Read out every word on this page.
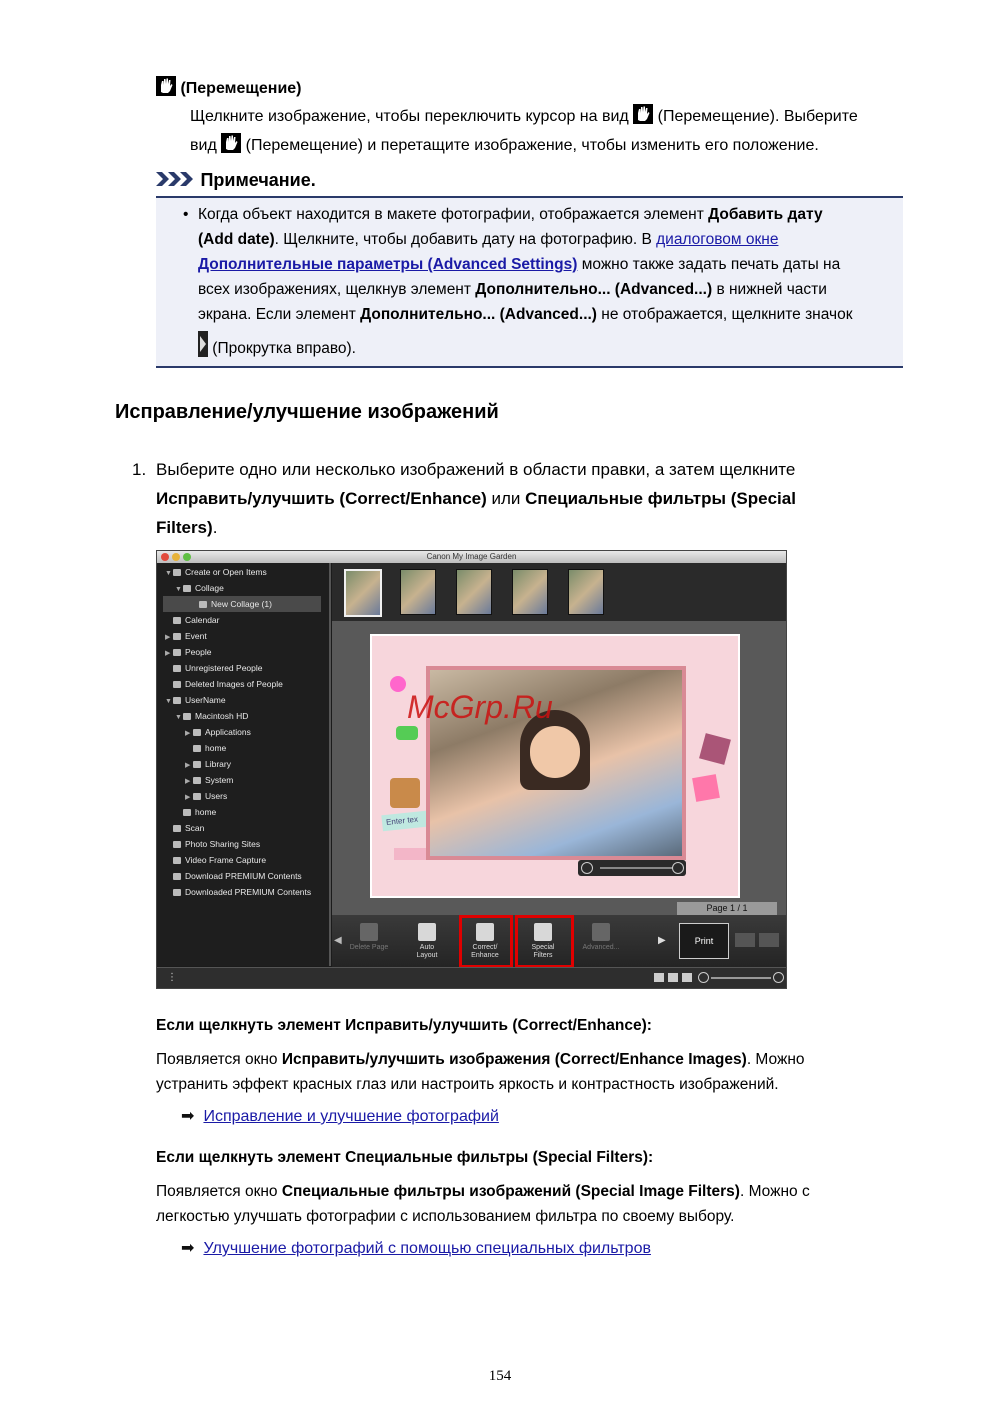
(Перемещение)
Щелкните изображение, чтобы переключить курсор на вид  (Перемещение). Выберите
вид  (Перемещение) и перетащите изображение, чтобы изменить его положение.
Примечание.
• Когда объект находится в макете фотографии, отображается элемент Добавить дату
(Add date). Щелкните, чтобы добавить дату на фотографию. В диалоговом окне
Дополнительные параметры (Advanced Settings) можно также задать печать даты на
всех изображениях, щелкнув элемент Дополнительно... (Advanced...) в нижней части
экрана. Если элемент Дополнительно... (Advanced...) не отображается, щелкните значок
(Прокрутка вправо).
Исправление/улучшение изображений
1. Выберите одно или несколько изображений в области правки, а затем щелкните
Исправить/улучшить (Correct/Enhance) или Специальные фильтры (Special
Filters).
Canon My Image Garden
▼ Create or Open Items
▼ Collage
New Collage (1)
Calendar
▶ Event
▶ People
Unregistered People
Deleted Images of People
▼ UserName
▼ Macintosh HD
▶ Applications
home
▶ Library
▶ System
▶ Users
home
Scan
Photo Sharing Sites
Video Frame Capture
Download PREMIUM Contents
Downloaded PREMIUM Contents
Enter tex
Page 1 / 1
◀
Delete Page	Auto
Layout
Correct/
Enhance
Special
Filters
Advanced...
▶	Print
⋮
McGrp.Ru
Если щелкнуть элемент Исправить/улучшить (Correct/Enhance):
Появляется окно Исправить/улучшить изображения (Correct/Enhance Images). Можно
устранить эффект красных глаз или настроить яркость и контрастность изображений.
➡ Исправление и улучшение фотографий
Если щелкнуть элемент Специальные фильтры (Special Filters):
Появляется окно Специальные фильтры изображений (Special Image Filters). Можно с
легкостью улучшать фотографии с использованием фильтра по своему выбору.
➡ Улучшение фотографий с помощью специальных фильтров
154
